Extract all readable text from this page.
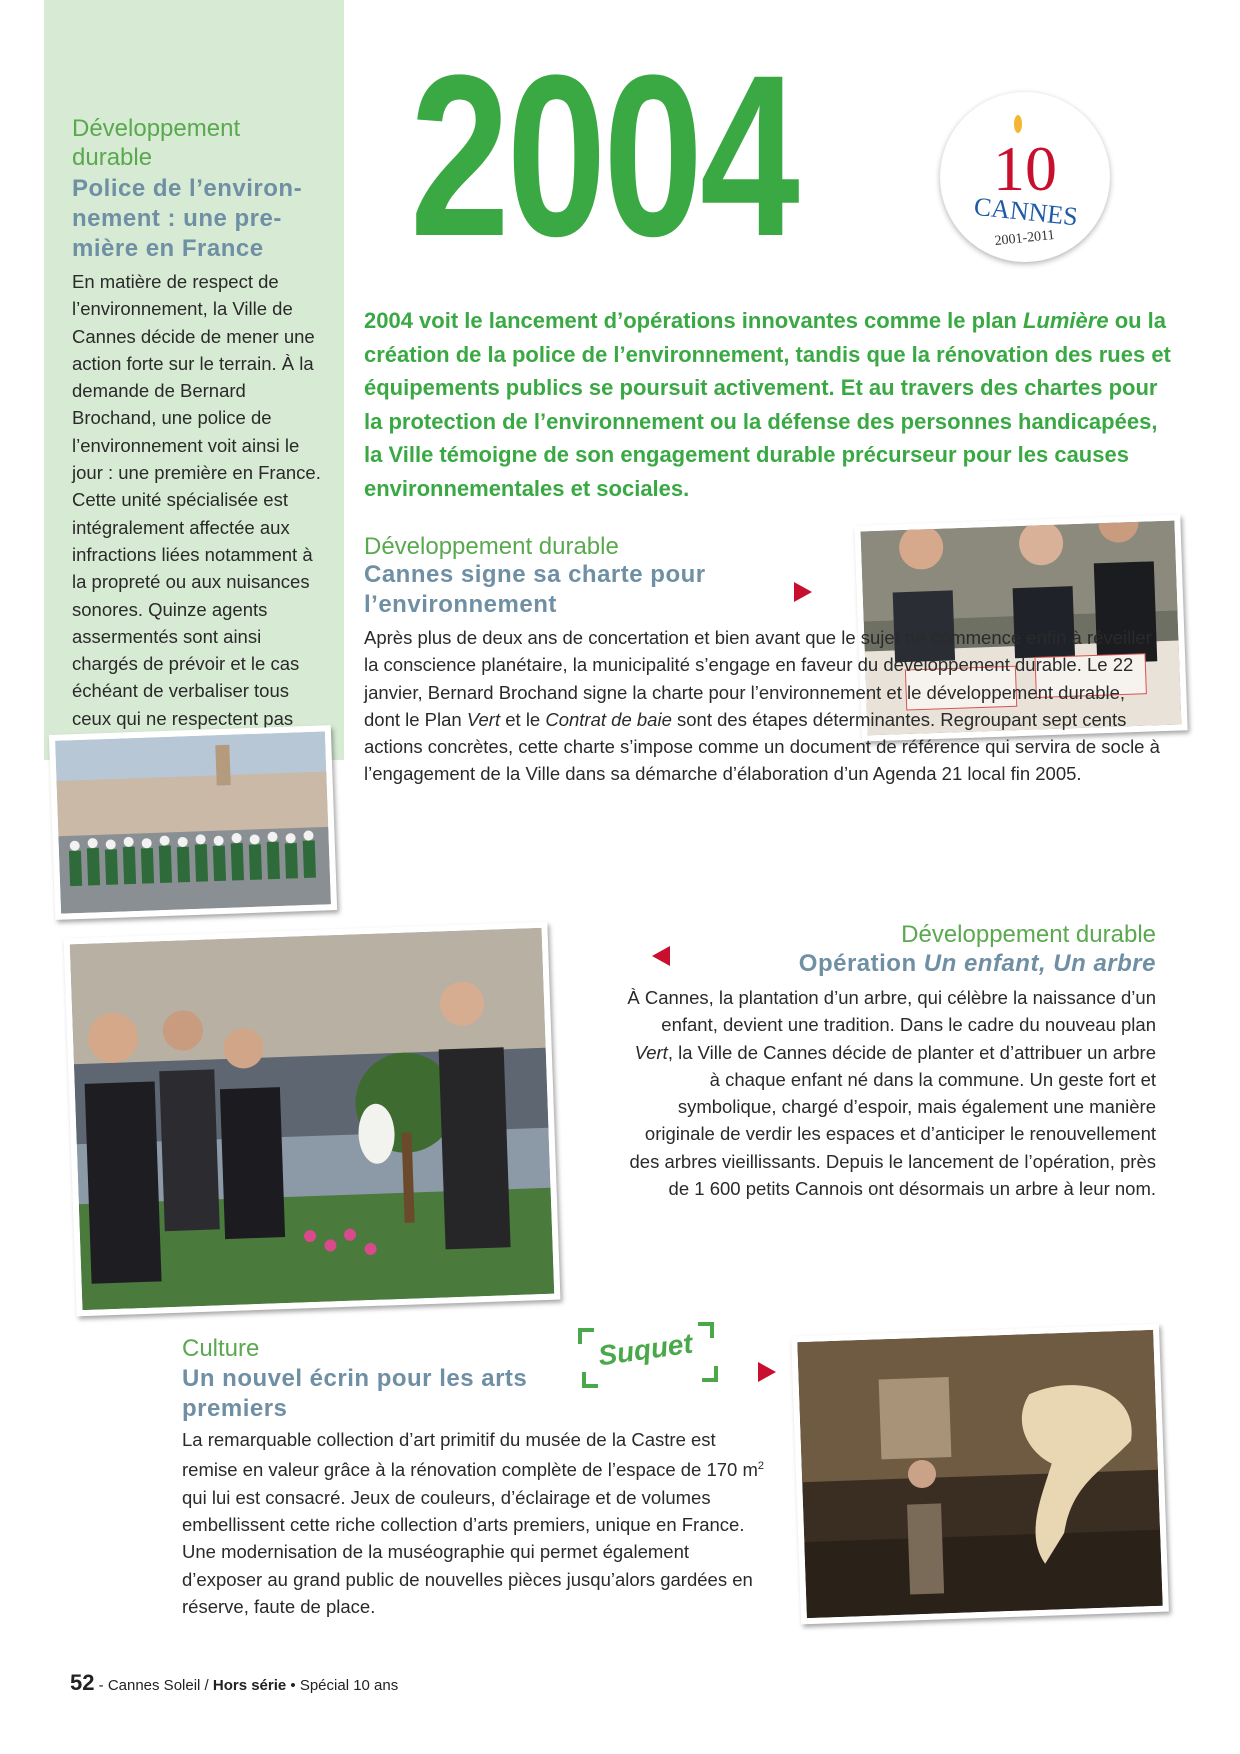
Développement
durable
Police de l’environ-
nement : une pre-
mière en France
En matière de respect de l’environnement, la Ville de Cannes décide de mener une action forte sur le terrain. À la demande de Bernard Brochand, une police de l’environnement voit ainsi le jour : une première en France. Cette unité spécialisée est intégralement affectée aux infractions liées notamment à la propreté ou aux nuisances sonores. Quinze agents assermentés sont ainsi chargés de prévoir et le cas échéant de verbaliser tous ceux qui ne respectent pas
2004	10
CANNES
2001-2011
2004 voit le lancement d’opérations innovantes comme le plan Lumière ou la création de la police de l’environnement, tandis que la rénovation des rues et équipements publics se poursuit activement. Et au travers des chartes pour la protection de l’environnement ou la défense des personnes handicapées, la Ville témoigne de son engagement durable précurseur pour les causes environnementales et sociales.
Développement durable
Cannes signe sa charte pour
l’environnement
Après plus de deux ans de concertation et bien avant que le sujet ne commence enfin à réveiller la conscience planétaire, la municipalité s’engage en faveur du développement durable. Le 22 janvier, Bernard Brochand signe la charte pour l’environnement et le développement durable, dont le Plan Vert et le Contrat de baie sont des étapes déterminantes. Regroupant sept cents actions concrètes, cette charte s’impose comme un document de référence qui servira de socle à l’engagement de la Ville dans sa démarche d’élaboration d’un Agenda 21 local fin 2005.
Développement durable
Opération Un enfant, Un arbre
À Cannes, la plantation d’un arbre, qui célèbre la naissance d’un enfant, devient une tradition. Dans le cadre du nouveau plan Vert, la Ville de Cannes décide de planter et d’attribuer un arbre à chaque enfant né dans la commune. Un geste fort et symbolique, chargé d’espoir, mais également une manière originale de verdir les espaces et d’anticiper le renouvellement des arbres vieillissants. Depuis le lancement de l’opération, près de 1 600 petits Cannois ont désormais un arbre à leur nom.
Culture
Un nouvel écrin pour les arts
premiers
Suquet
La remarquable collection d’art primitif du musée de la Castre est remise en valeur grâce à la rénovation complète de l’espace de 170 $m^2$ qui lui est consacré. Jeux de couleurs, d’éclairage et de volumes embellissent cette riche collection d’arts premiers, unique en France. Une modernisation de la muséographie qui permet également d’exposer au grand public de nouvelles pièces jusqu’alors gardées en réserve, faute de place.
52 - Cannes Soleil / Hors série • Spécial 10 ans
